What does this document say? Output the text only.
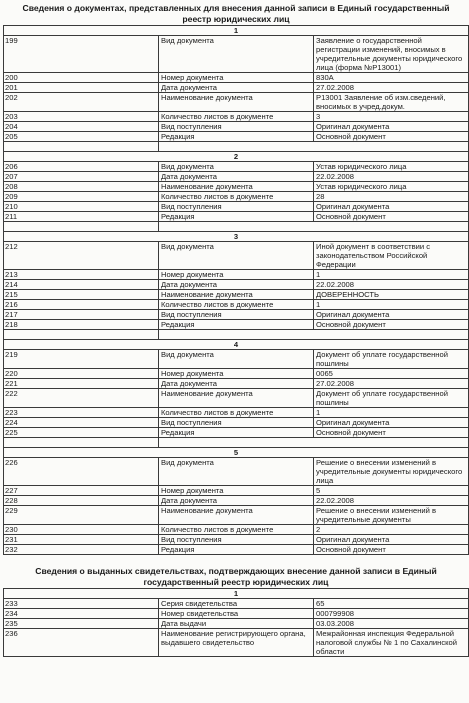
Сведения о документах, представленных для внесения данной записи в Единый государственный
реестр юридических лиц
1		
199	Вид документа	Заявление о государственной регистрации изменений, вносимых в учредительные документы юридического лица (форма №Р13001)
200	Номер документа	830А
201	Дата документа	27.02.2008
202	Наименование документа	Р13001 Заявление об изм.сведений, вносимых в учред.докум.
203	Количество листов в документе	3
204	Вид поступления	Оригинал документа
205	Редакция	Основной документ

2		
206	Вид документа	Устав юридического лица
207	Дата документа	22.02.2008
208	Наименование документа	Устав юридического лица
209	Количество листов в документе	28
210	Вид поступления	Оригинал документа
211	Редакция	Основной документ

3		
212	Вид документа	Иной документ в соответствии с законодательством Российской Федерации
213	Номер документа	1
214	Дата документа	22.02.2008
215	Наименование документа	ДОВЕРЕННОСТЬ
216	Количество листов в документе	1
217	Вид поступления	Оригинал документа
218	Редакция	Основной документ

4		
219	Вид документа	Документ об уплате государственной пошлины
220	Номер документа	0065
221	Дата документа	27.02.2008
222	Наименование документа	Документ об уплате государственной пошлины
223	Количество листов в документе	1
224	Вид поступления	Оригинал документа
225	Редакция	Основной документ

5		
226	Вид документа	Решение о внесении изменений в учредительные документы юридического лица
227	Номер документа	5
228	Дата документа	22.02.2008
229	Наименование документа	Решение о внесении изменений в учредительные документы
230	Количество листов в документе	2
231	Вид поступления	Оригинал документа
232	Редакция	Основной документ
Сведения о выданных свидетельствах, подтверждающих внесение данной записи в Единый
государственный реестр юридических лиц
1		
233	Серия свидетельства	65
234	Номер свидетельства	000799908
235	Дата выдачи	03.03.2008
236	Наименование регистрирующего органа, выдавшего свидетельство	Межрайонная инспекция Федеральной налоговой службы № 1 по Сахалинской области
